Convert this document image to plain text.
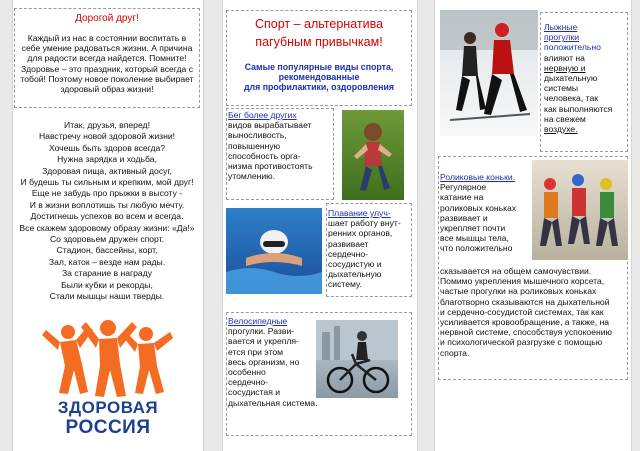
Дорогой друг!
Каждый из нас в состоянии воспитать в
себе умение радоваться жизни. А причина
для радости всегда найдется. Помните!
Здоровье – это праздник, который всегда с
тобой! Поэтому новое поколение выбирает
здоровый образ жизни!
Итак, друзья, вперед!
Навстречу новой здоровой жизни!
Хочешь быть здоров всегда?
Нужна зарядка и ходьба,
Здоровая пища, активный досуг,
И будешь ты сильным и крепким, мой друг!
Еще не забудь про прыжки в высоту -
И в жизни воплотишь ты любую мечту.
Достигнешь успехов во всем и всегда.
Все скажем здоровому образу жизни: «Да!»
Со здоровьем дружен спорт.
Стадион, бассейны, корт,
Зал, каток – везде нам рады.
За старание в награду
Были кубки и рекорды,
Стали мышцы наши тверды.
ЗДОРОВАЯ
РОССИЯ
Спорт – альтернатива
пагубным привычкам!
Самые популярные виды спорта,
рекомендованные
для профилактики, оздоровления
Бег более других
видов вырабатывает
выносливость,
повышенную
способность орга-
низма противостоять
утомлению.
Плавание улуч-
шает работу внут-
ренних органов,
развивает
сердечно-сосудистую и
дыхательную
систему.
Велосипедные
прогулки. Разви-
вается и укрепля-
ется при этом
весь организм, но
особенно
сердечно-
сосудистая и
дыхательная система.
Лыжные
прогулки
положительно
влияют на
нервную и
дыхательную
системы
человека, так
как выполняются
на свежем
воздухе.
Роликовые коньки.
Регулярное
катание на
роликовых коньках
развивает и
укрепляет почти
все мышцы тела,
что положительно
сказывается на общем самочувствии.
Помимо укрепления мышечного корсета,
частые прогулки на роликовых коньках
благотворно сказываются на дыхательной
и сердечно-сосудистой системах, так как
усиливается кровообращение, а также, на
нервной системе, способствуя успокоению
и психологической разгрузке с помощью
спорта.
